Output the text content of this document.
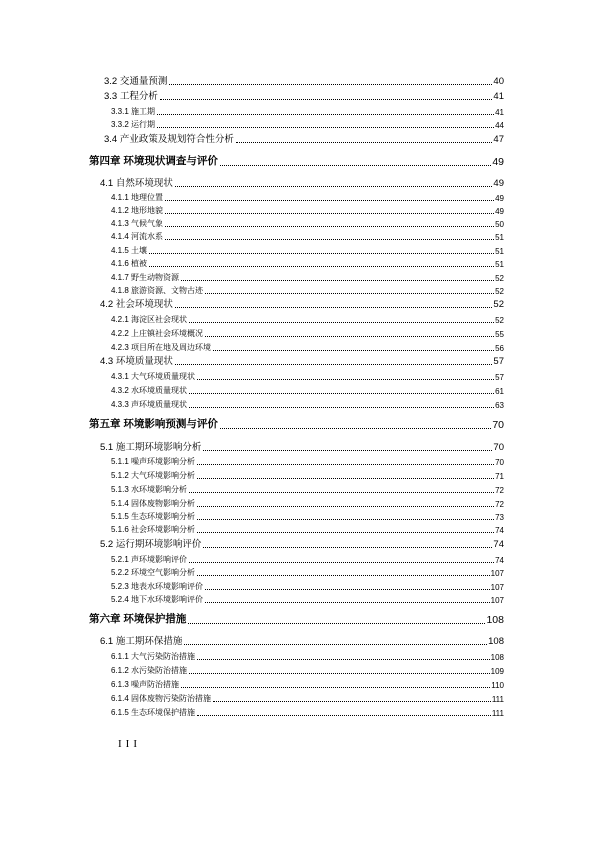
3.2 交通量预测	40
3.3 工程分析	41
3.3.1 施工期	41
3.3.2 运行期	44
3.4 产业政策及规划符合性分析	47
第四章 环境现状调查与评价	49
4.1 自然环境现状	49
4.1.1 地理位置	49
4.1.2 地形地貌	49
4.1.3 气候气象	50
4.1.4 河流水系	51
4.1.5 土壤	51
4.1.6 植被	51
4.1.7 野生动物资源	52
4.1.8 旅游资源、文物古迹	52
4.2 社会环境现状	52
4.2.1 海淀区社会现状	52
4.2.2 上庄镇社会环境概况	55
4.2.3 项目所在地及周边环境	56
4.3 环境质量现状	57
4.3.1 大气环境质量现状	57
4.3.2 水环境质量现状	61
4.3.3 声环境质量现状	63
第五章 环境影响预测与评价	70
5.1 施工期环境影响分析	70
5.1.1 噪声环境影响分析	70
5.1.2 大气环境影响分析	71
5.1.3 水环境影响分析	72
5.1.4 固体废物影响分析	72
5.1.5 生态环境影响分析	73
5.1.6 社会环境影响分析	74
5.2 运行期环境影响评价	74
5.2.1 声环境影响评价	74
5.2.2 环境空气影响分析	107
5.2.3 地表水环境影响评价	107
5.2.4 地下水环境影响评价	107
第六章 环境保护措施	108
6.1 施工期环保措施	108
6.1.1 大气污染防治措施	108
6.1.2 水污染防治措施	109
6.1.3 噪声防治措施	110
6.1.4 固体废物污染防治措施	111
6.1.5 生态环境保护措施	111
III
